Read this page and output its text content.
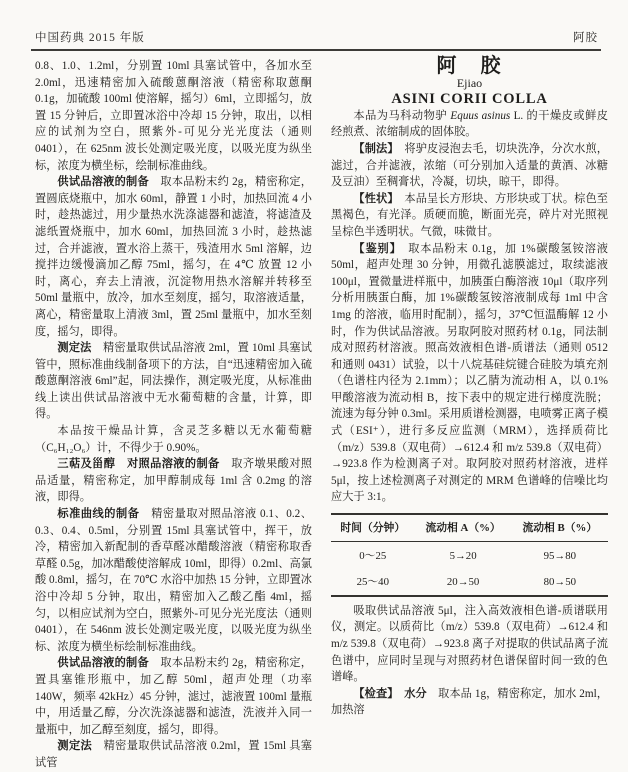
中国药典 2015 年版	阿胶

0.8、1.0、1.2ml，分别置 10ml 具塞试管中，各加水至 2.0ml，迅速精密加入硫酸蒽酮溶液（精密称取蒽酮 0.1g，加硫酸 100ml 使溶解，摇匀）6ml，立即摇匀，放置 15 分钟后，立即置冰浴中冷却 15 分钟，取出，以相应的试剂为空白，照紫外-可见分光光度法（通则 0401），在 625nm 波长处测定吸光度，以吸光度为纵坐标，浓度为横坐标，绘制标准曲线。

供试品溶液的制备　取本品粉末约 2g，精密称定，置圆底烧瓶中，加水 60ml，静置 1 小时，加热回流 4 小时，趁热滤过，用少量热水洗涤滤器和滤渣，将滤渣及滤纸置烧瓶中，加水 60ml，加热回流 3 小时，趁热滤过，合并滤液，置水浴上蒸干，残渣用水 5ml 溶解，边搅拌边缓慢滴加乙醇 75ml，摇匀，在 4℃ 放置 12 小时，离心，弃去上清液，沉淀物用热水溶解并转移至 50ml 量瓶中，放冷，加水至刻度，摇匀，取溶液适量，离心，精密量取上清液 3ml，置 25ml 量瓶中，加水至刻度，摇匀，即得。

测定法　精密量取供试品溶液 2ml，置 10ml 具塞试管中，照标准曲线制备项下的方法，自“迅速精密加入硫酸蒽酮溶液 6ml”起，同法操作，测定吸光度，从标准曲线上读出供试品溶液中无水葡萄糖的含量，计算，即得。

本品按干燥品计算，含灵芝多糖以无水葡萄糖（C₆H₁₂O₆）计，不得少于 0.90%。

三萜及甾醇　 对照品溶液的制备　取齐墩果酸对照品适量，精密称定，加甲醇制成每 1ml 含 0.2mg 的溶液，即得。

标准曲线的制备　精密量取对照品溶液 0.1、0.2、0.3、0.4、0.5ml，分别置 15ml 具塞试管中，挥干，放冷，精密加入新配制的香草醛冰醋酸溶液（精密称取香草醛 0.5g，加冰醋酸使溶解成 10ml，即得）0.2ml、高氯酸 0.8ml，摇匀，在 70℃ 水浴中加热 15 分钟，立即置冰浴中冷却 5 分钟，取出，精密加入乙酸乙酯 4ml，摇匀，以相应试剂为空白，照紫外-可见分光光度法（通则 0401），在 546nm 波长处测定吸光度，以吸光度为纵坐标、浓度为横坐标绘制标准曲线。

供试品溶液的制备　取本品粉末约 2g，精密称定，置具塞锥形瓶中，加乙醇 50ml，超声处理（功率 140W，频率 42kHz）45 分钟，滤过，滤液置 100ml 量瓶中，用适量乙醇，分次洗涤滤器和滤渣，洗液并入同一量瓶中，加乙醇至刻度，摇匀，即得。

测定法　精密量取供试品溶液 0.2ml，置 15ml 具塞试管

阿　胶

Ejiao

ASINI CORII COLLA

本品为马科动物驴 Equus asinus L. 的干燥皮或鲜皮经煎煮、浓缩制成的固体胶。

【制法】　将驴皮浸泡去毛，切块洗净，分次水煎，滤过，合并滤液，浓缩（可分别加入适量的黄酒、冰糖及豆油）至稠膏状，冷凝，切块，晾干，即得。

【性状】　本品呈长方形块、方形块或丁状。棕色至黑褐色，有光泽。质硬而脆，断面光亮，碎片对光照视呈棕色半透明状。气微，味微甘。

【鉴别】　取本品粉末 0.1g，加 1%碳酸氢铵溶液 50ml，超声处理 30 分钟，用微孔滤膜滤过，取续滤液 100μl，置微量进样瓶中，加胰蛋白酶溶液 10μl（取序列分析用胰蛋白酶，加 1%碳酸氢铵溶液制成每 1ml 中含 1mg 的溶液，临用时配制），摇匀，37℃恒温酶解 12 小时，作为供试品溶液。另取阿胶对照药材 0.1g，同法制成对照药材溶液。照高效液相色谱-质谱法（通则 0512 和通则 0431）试验，以十八烷基硅烷键合硅胶为填充剂（色谱柱内径为 2.1mm）；以乙腈为流动相 A，以 0.1%甲酸溶液为流动相 B，按下表中的规定进行梯度洗脱；流速为每分钟 0.3ml。采用质谱检测器，电喷雾正离子模式（ESI⁺），进行多反应监测（MRM），选择质荷比（m/z）539.8（双电荷）→612.4 和 m/z 539.8（双电荷）→923.8 作为检测离子对。取阿胶对照药材溶液，进样 5μl，按上述检测离子对测定的 MRM 色谱峰的信噪比均应大于 3:1。

时间（分钟）	流动相 A（%）	流动相 B（%）
0～25	5→20	95→80
25～40	20→50	80→50

吸取供试品溶液 5μl，注入高效液相色谱-质谱联用仪，测定。以质荷比（m/z）539.8（双电荷）→612.4 和 m/z 539.8（双电荷）→923.8 离子对提取的供试品离子流色谱中，应同时呈现与对照药材色谱保留时间一致的色谱峰。

【检查】　 水分　取本品 1g，精密称定，加水 2ml，加热溶
